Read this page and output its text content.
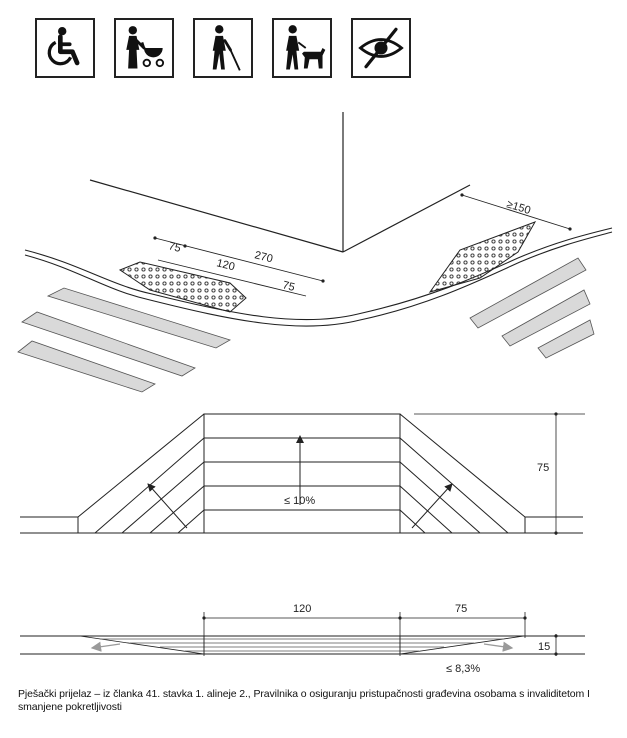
270
75
120
75
≥150
75
≤ 10%
120	75
15
≤ 8,3%
Pješački prijelaz – iz članka 41. stavka 1. alineje 2., Pravilnika o osiguranju pristupačnosti građevina osobama s invaliditetom I smanjene pokretljivosti
